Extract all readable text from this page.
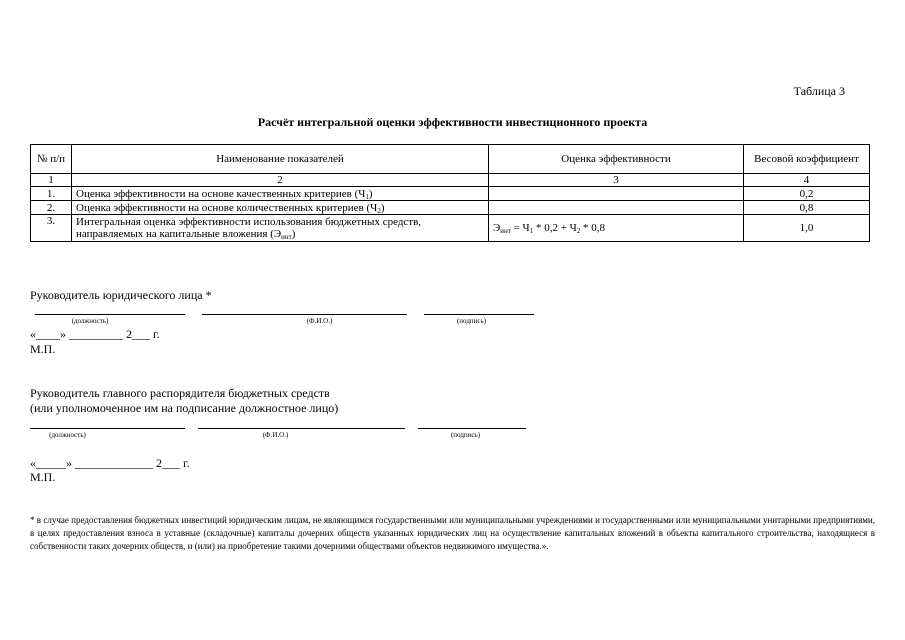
Таблица 3
Расчёт интегральной оценки эффективности инвестиционного проекта
№ п/п	Наименование показателей	Оценка эффективности	Весовой коэффициент
1	2	3	4
1.	Оценка эффективности на основе качественных критериев $(Ч_1)$		0,2
2.	Оценка эффективности на основе количественных критериев $(Ч_2)$		0,8
3.	Интегральная оценка эффективности использования бюджетных средств,
направляемых на капитальные вложения $(Э_{инт})$	$Э_{инт} = Ч_1 * 0,2 + Ч_2 * 0,8$	1,0
Руководитель юридического лица *
(должность)	(Ф.И.О.)	(подпись)
«____» _________ 2___ г.
М.П.
Руководитель главного распорядителя бюджетных средств
(или уполномоченное им на подписание должностное лицо)
(должность)	(Ф.И.О.)	(подпись)
«_____» _____________ 2___ г.
М.П.
* в случае предоставления бюджетных инвестиций юридическим лицам, не являющимся государственными или муниципальными учреждениями и государственными или муниципальными унитарными предприятиями, в целях предоставления взноса в уставные (складочные) капиталы дочерних обществ указанных юридических лиц на осуществление капитальных вложений в объекты капитального строительства, находящиеся в собственности таких дочерних обществ, и (или) на приобретение такими дочерними обществами объектов недвижимого имущества.».
